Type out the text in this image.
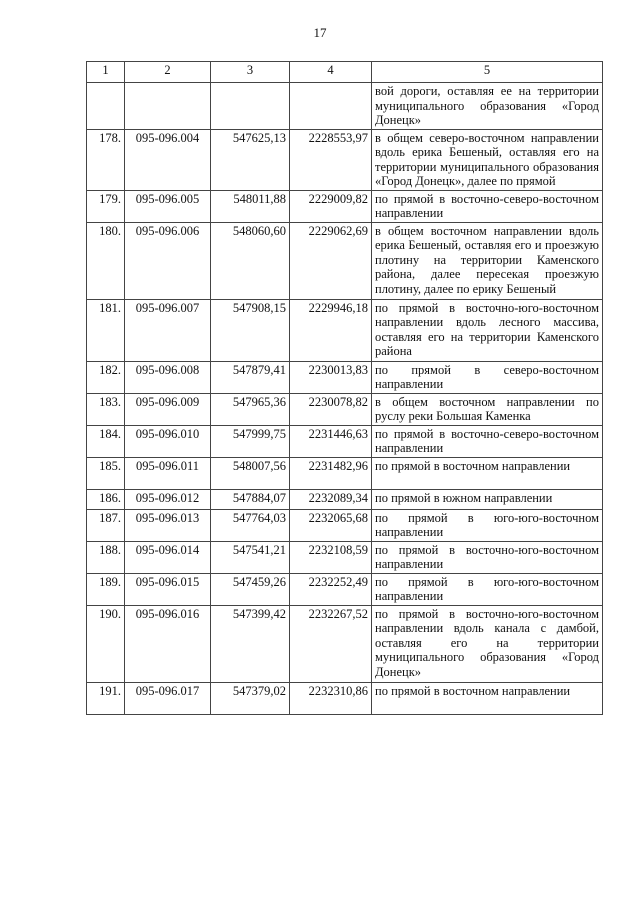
17
1	2	3	4	5
				вой дороги, оставляя ее на территории муниципального образования «Город Донецк»
178.	095-096.004	547625,13	2228553,97	в общем северо-восточном направлении вдоль ерика Бешеный, оставляя его на территории муниципального образования «Город Донецк», далее по прямой
179.	095-096.005	548011,88	2229009,82	по прямой в восточно-северо-восточном направлении
180.	095-096.006	548060,60	2229062,69	в общем восточном направлении вдоль ерика Бешеный, оставляя его и проезжую плотину на территории Каменского района, далее пересекая проезжую плотину, далее по ерику Бешеный
181.	095-096.007	547908,15	2229946,18	по прямой в восточно-юго-восточном направлении вдоль лесного массива, оставляя его на территории Каменского района
182.	095-096.008	547879,41	2230013,83	по прямой в северо-восточном направлении
183.	095-096.009	547965,36	2230078,82	в общем восточном направлении по руслу реки Большая Каменка
184.	095-096.010	547999,75	2231446,63	по прямой в восточно-северо-восточном направлении
185.	095-096.011	548007,56	2231482,96	по прямой в восточном направлении
186.	095-096.012	547884,07	2232089,34	по прямой в южном направлении
187.	095-096.013	547764,03	2232065,68	по прямой в юго-юго-восточном направлении
188.	095-096.014	547541,21	2232108,59	по прямой в восточно-юго-восточном направлении
189.	095-096.015	547459,26	2232252,49	по прямой в юго-юго-восточном направлении
190.	095-096.016	547399,42	2232267,52	по прямой в восточно-юго-восточном направлении вдоль канала с дамбой, оставляя его на территории муниципального образования «Город Донецк»
191.	095-096.017	547379,02	2232310,86	по прямой в восточном направлении
